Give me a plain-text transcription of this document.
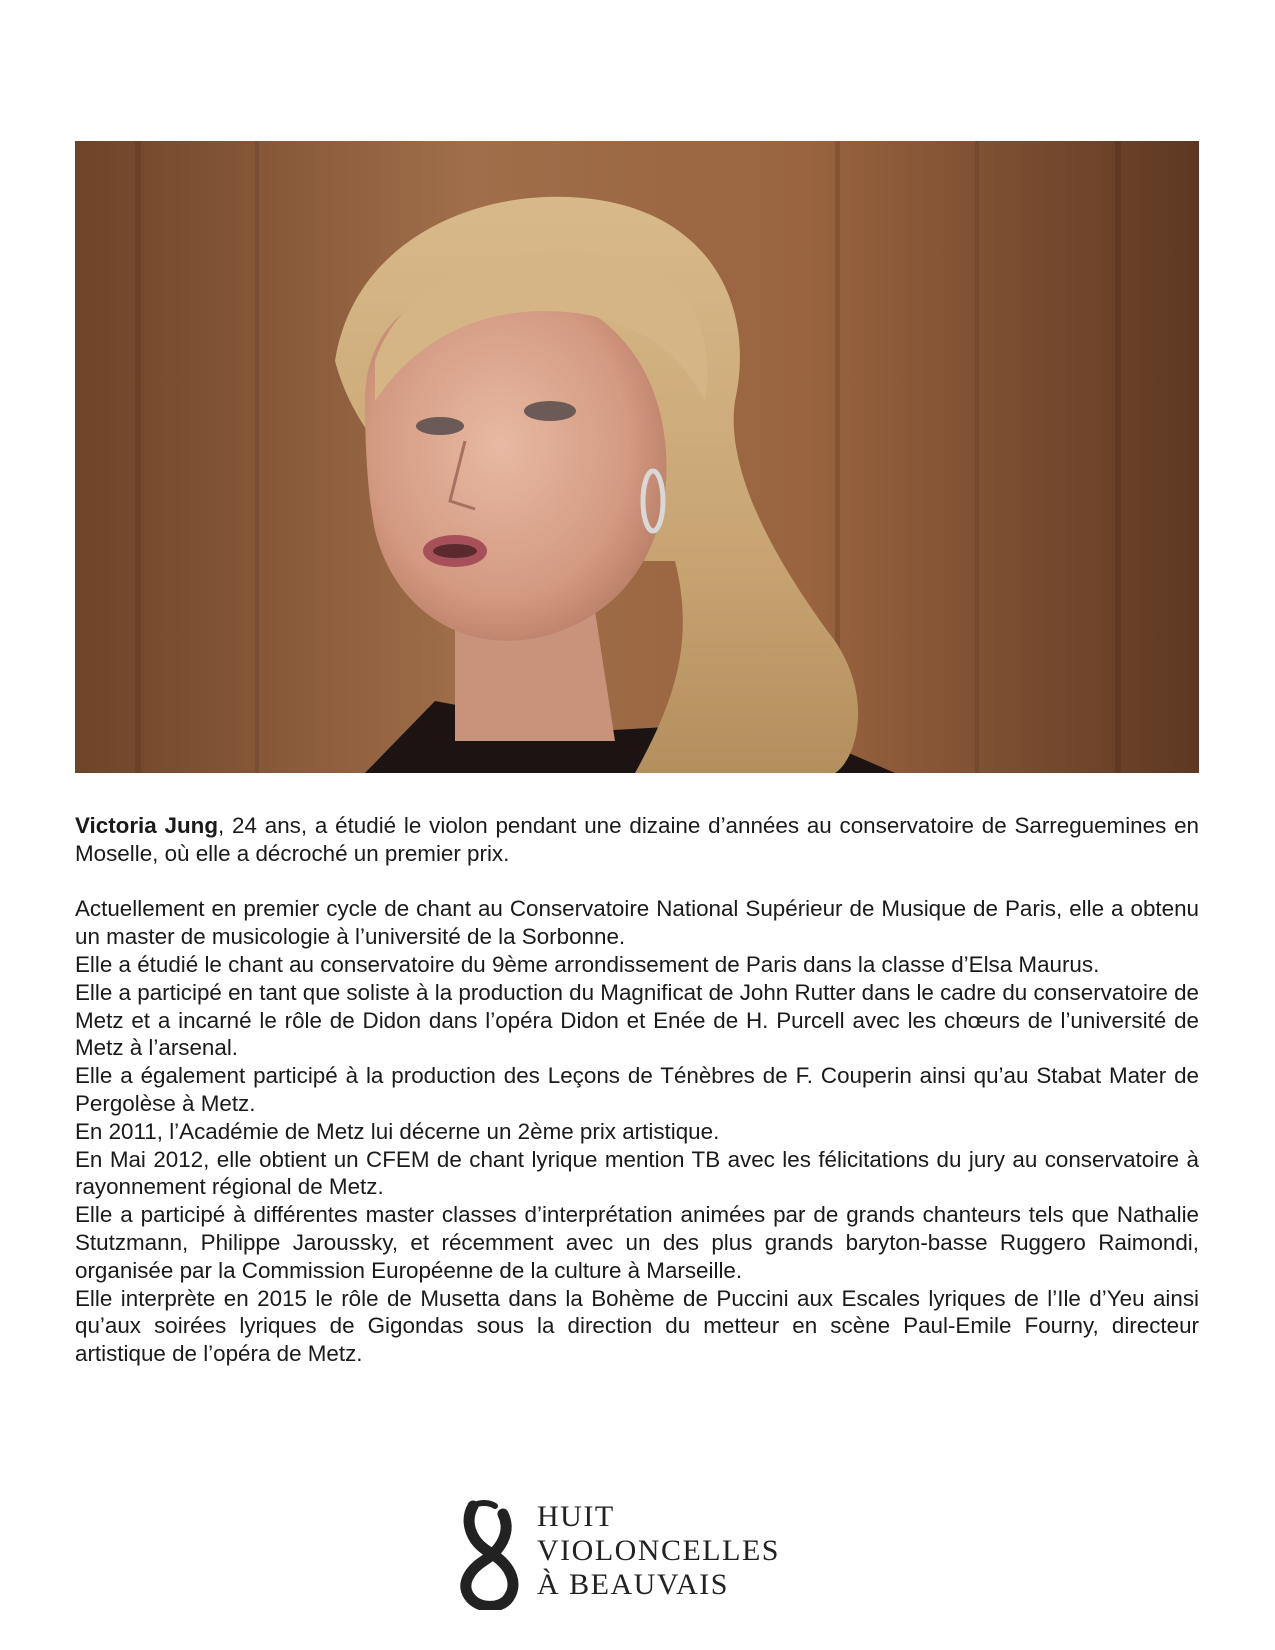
Victoria Jung, 24 ans, a étudié le violon pendant une dizaine d’années au conservatoire de Sarreguemines en Moselle, où elle a décroché un premier prix.

Actuellement en premier cycle de chant au Conservatoire National Supérieur de Musique de Paris, elle a obtenu un master de musicologie à l’université de la Sorbonne.

Elle a étudié le chant au conservatoire du 9ème arrondissement de Paris dans la classe d’Elsa Maurus.

Elle a participé en tant que soliste à la production du Magnificat de John Rutter dans le cadre du conservatoire de Metz et a incarné le rôle de Didon dans l’opéra Didon et Enée de H. Purcell avec les chœurs de l’université de Metz à l’arsenal.

Elle a également participé à la production des Leçons de Ténèbres de F. Couperin ainsi qu’au Stabat Mater de Pergolèse à Metz.

En 2011, l’Académie de Metz lui décerne un 2ème prix artistique.

En Mai 2012, elle obtient un CFEM de chant lyrique mention TB avec les félicitations du jury au conservatoire à rayonnement régional de Metz.

Elle a participé à différentes master classes d’interprétation animées par de grands chanteurs tels que Nathalie Stutzmann, Philippe Jaroussky, et récemment avec un des plus grands baryton-basse Ruggero Raimondi, organisée par la Commission Européenne de la culture à Marseille.

Elle interprète en 2015 le rôle de Musetta dans la Bohème de Puccini aux Escales lyriques de l’Ile d’Yeu ainsi qu’aux soirées lyriques de Gigondas sous la direction du metteur en scène Paul-Emile Fourny, directeur artistique de l’opéra de Metz.

HUIT
VIOLONCELLES
À BEAUVAIS
